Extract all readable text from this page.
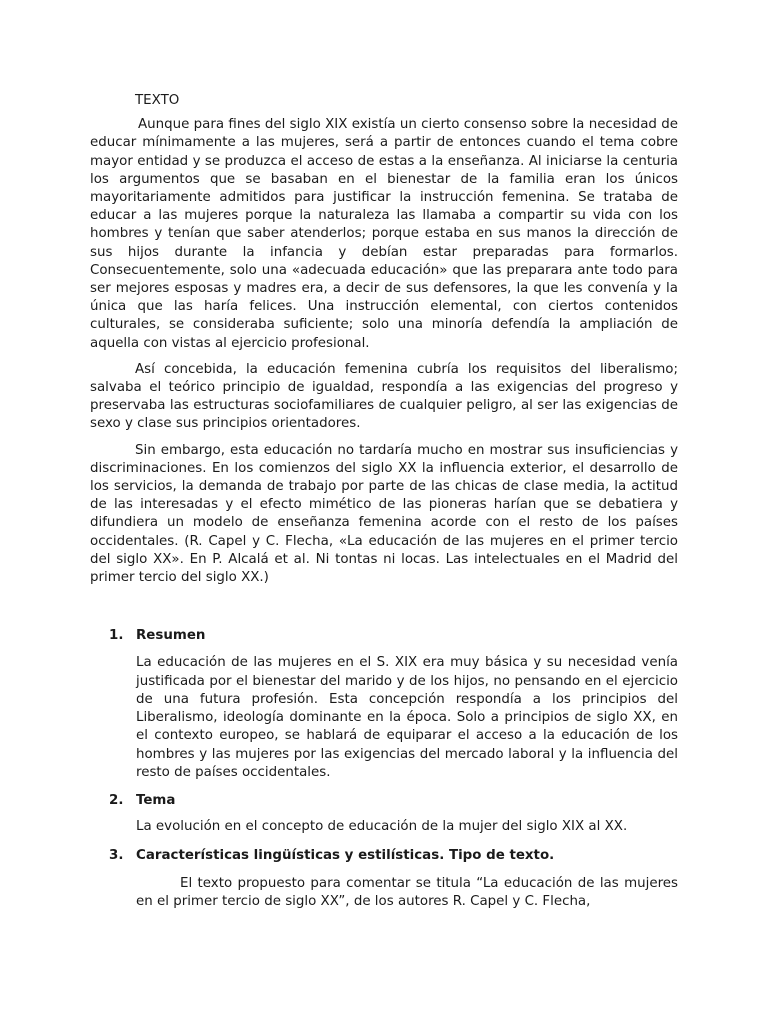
TEXTO

Aunque para fines del siglo XIX existía un cierto consenso sobre la necesidad de educar mínimamente a las mujeres, será a partir de entonces cuando el tema cobre mayor entidad y se produzca el acceso de estas a la enseñanza. Al iniciarse la centuria los argumentos que se basaban en el bienestar de la familia eran los únicos mayoritariamente admitidos para justificar la instrucción femenina. Se trataba de educar a las mujeres porque la naturaleza las llamaba a compartir su vida con los hombres y tenían que saber atenderlos; porque estaba en sus manos la dirección de sus hijos durante la infancia y debían estar preparadas para formarlos. Consecuentemente, solo una «adecuada educación» que las preparara ante todo para ser mejores esposas y madres era, a decir de sus defensores, la que les convenía y la única que las haría felices. Una instrucción elemental, con ciertos contenidos culturales, se consideraba suficiente; solo una minoría defendía la ampliación de aquella con vistas al ejercicio profesional.

Así concebida, la educación femenina cubría los requisitos del liberalismo; salvaba el teórico principio de igualdad, respondía a las exigencias del progreso y preservaba las estructuras sociofamiliares de cualquier peligro, al ser las exigencias de sexo y clase sus principios orientadores.

Sin embargo, esta educación no tardaría mucho en mostrar sus insuficiencias y discriminaciones. En los comienzos del siglo XX la influencia exterior, el desarrollo de los servicios, la demanda de trabajo por parte de las chicas de clase media, la actitud de las interesadas y el efecto mimético de las pioneras harían que se debatiera y difundiera un modelo de enseñanza femenina acorde con el resto de los países occidentales. (R. Capel y C. Flecha, «La educación de las mujeres en el primer tercio del siglo XX». En P. Alcalá et al. Ni tontas ni locas. Las intelectuales en el Madrid del primer tercio del siglo XX.)

1. Resumen

La educación de las mujeres en el S. XIX era muy básica y su necesidad venía justificada por el bienestar del marido y de los hijos, no pensando en el ejercicio de una futura profesión. Esta concepción respondía a los principios del Liberalismo, ideología dominante en la época. Solo a principios de siglo XX, en el contexto europeo, se hablará de equiparar el acceso a la educación de los hombres y las mujeres por las exigencias del mercado laboral y la influencia del resto de países occidentales.

2. Tema

La evolución en el concepto de educación de la mujer del siglo XIX al XX.

3. Características lingüísticas y estilísticas. Tipo de texto.

El texto propuesto para comentar se titula “La educación de las mujeres en el primer tercio de siglo XX”, de los autores R. Capel y C. Flecha,
